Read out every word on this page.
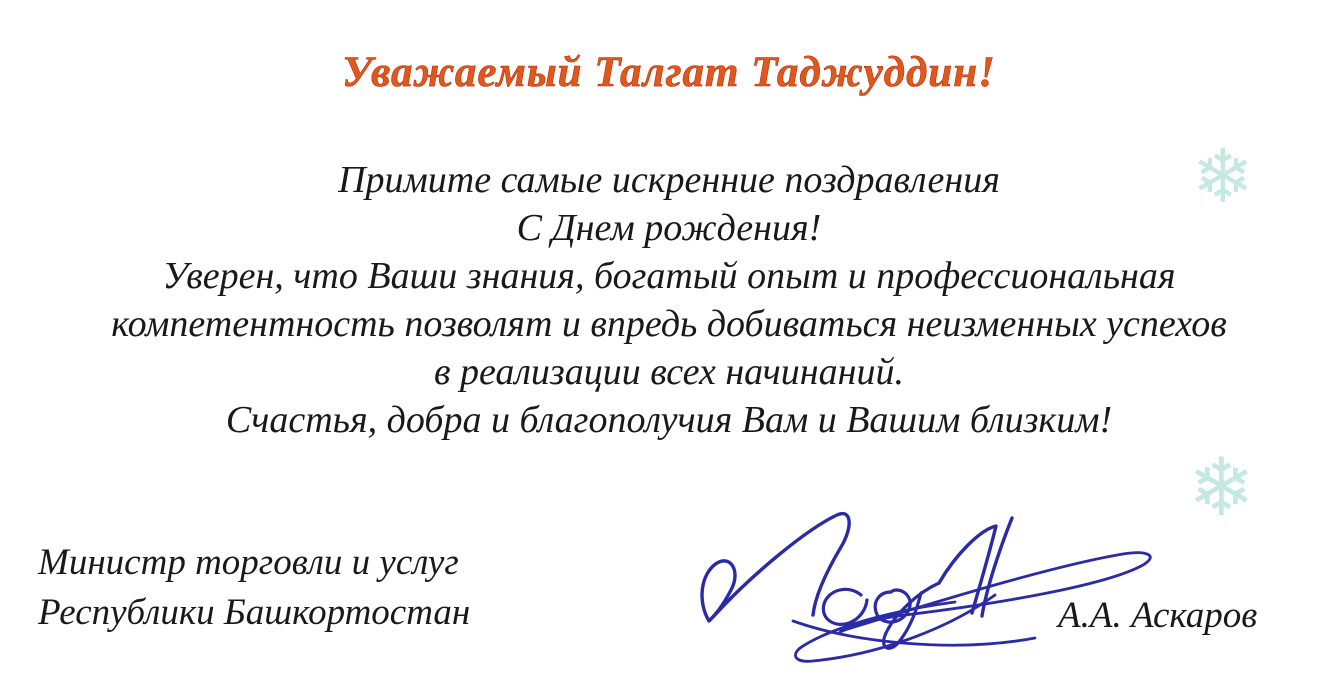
Уважаемый Талгат Таджуддин!

Примите самые искренние поздравления

С Днем рождения!

Уверен, что Ваши знания, богатый опыт и профессиональная

компетентность позволят и впредь добиваться неизменных успехов

в реализации всех начинаний.

Счастья, добра и благополучия Вам и Вашим близким!

Министр торговли и услуг

Республики Башкортостан	А.А. Аскаров
❄
❄
